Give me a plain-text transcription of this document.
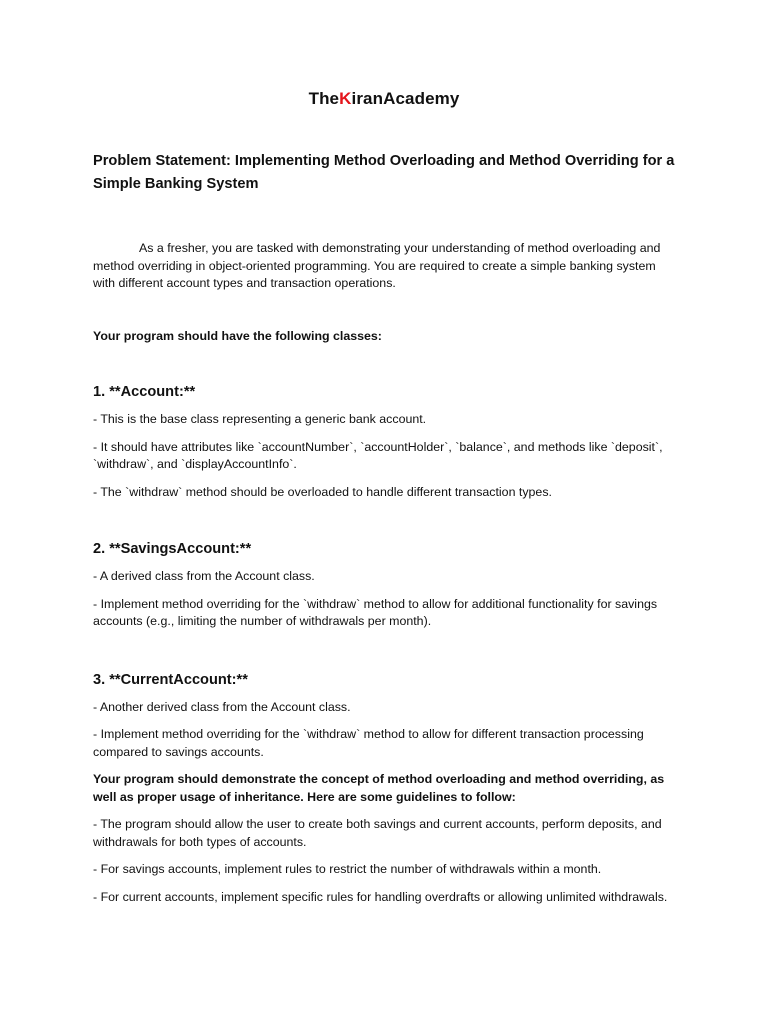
TheKiranAcademy

Problem Statement: Implementing Method Overloading and Method Overriding for a Simple Banking System

As a fresher, you are tasked with demonstrating your understanding of method overloading and method overriding in object-oriented programming. You are required to create a simple banking system with different account types and transaction operations.

Your program should have the following classes:

1. **Account:**

- This is the base class representing a generic bank account.

- It should have attributes like `accountNumber`, `accountHolder`, `balance`, and methods like `deposit`, `withdraw`, and `displayAccountInfo`.

- The `withdraw` method should be overloaded to handle different transaction types.

2. **SavingsAccount:**

- A derived class from the Account class.

- Implement method overriding for the `withdraw` method to allow for additional functionality for savings accounts (e.g., limiting the number of withdrawals per month).

3. **CurrentAccount:**

- Another derived class from the Account class.

- Implement method overriding for the `withdraw` method to allow for different transaction processing compared to savings accounts.

Your program should demonstrate the concept of method overloading and method overriding, as well as proper usage of inheritance. Here are some guidelines to follow:

- The program should allow the user to create both savings and current accounts, perform deposits, and withdrawals for both types of accounts.

- For savings accounts, implement rules to restrict the number of withdrawals within a month.

- For current accounts, implement specific rules for handling overdrafts or allowing unlimited withdrawals.
